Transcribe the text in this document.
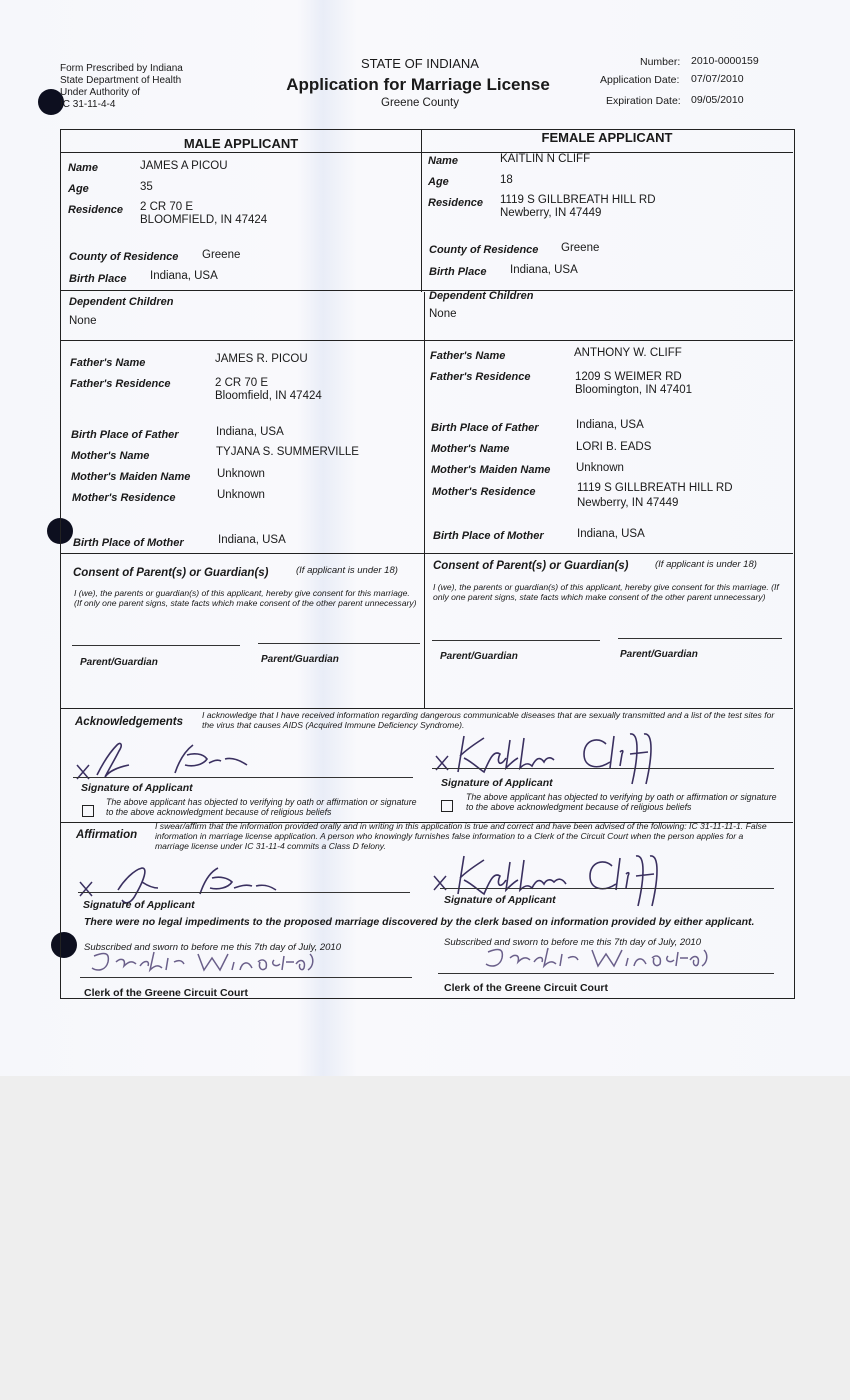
Form Prescribed by Indiana
State Department of Health
Under Authority of
IC 31-11-4-4
STATE OF INDIANA
Application for Marriage License
Greene County
Number: 2010-0000159
Application Date: 07/07/2010
Expiration Date: 09/05/2010
MALE APPLICANT	FEMALE APPLICANT
Name	JAMES A PICOU
Age	35
Residence 2 CR 70 E
BLOOMFIELD, IN 47424
County of Residence Greene
Birth Place Indiana, USA
Dependent Children
None
Father's Name	JAMES R. PICOU
Father's Residence	2 CR 70 E
Bloomfield, IN 47424
Birth Place of Father	Indiana, USA
Mother's Name	TYJANA S. SUMMERVILLE
Mother's Maiden Name Unknown
Mother's Residence	Unknown
Birth Place of Mother	Indiana, USA
Name	KAITLIN N CLIFF
Age	18
Residence 1119 S GILLBREATH HILL RD
Newberry, IN 47449
County of Residence Greene
Birth Place Indiana, USA
Dependent Children
None
Father's Name	ANTHONY W. CLIFF
Father's Residence	1209 S WEIMER RD
Bloomington, IN 47401
Birth Place of Father	Indiana, USA
Mother's Name	LORI B. EADS
Mother's Maiden Name Unknown
Mother's Residence	1119 S GILLBREATH HILL RD
Newberry, IN 47449
Birth Place of Mother	Indiana, USA
Consent of Parent(s) or Guardian(s)	(If applicant is under 18)
I (we), the parents or guardian(s) of this applicant, hereby give consent for this marriage. (If only one parent signs, state facts which make consent of the other parent unnecessary)
Parent/Guardian	Parent/Guardian
Consent of Parent(s) or Guardian(s)	(If applicant is under 18)
I (we), the parents or guardian(s) of this applicant, hereby give consent for this marriage. (If only one parent signs, state facts which make consent of the other parent unnecessary)
Parent/Guardian	Parent/Guardian
Acknowledgements
I acknowledge that I have received information regarding dangerous communicable diseases that are sexually transmitted and a list of the test sites for the virus that causes AIDS (Acquired Immune Deficiency Syndrome).
Signature of Applicant
The above applicant has objected to verifying by oath or affirmation or signature to the above acknowledgment because of religious beliefs
Signature of Applicant
The above applicant has objected to verifying by oath or affirmation or signature to the above acknowledgment because of religious beliefs
Affirmation
I swear/affirm that the information provided orally and in writing in this application is true and correct and have been advised of the following: IC 31-11-11-1. False information in marriage license application. A person who knowingly furnishes false information to a Clerk of the Circuit Court when the person applies for a marriage license under IC 31-11-4 commits a Class D felony.
Signature of Applicant	Signature of Applicant
There were no legal impediments to the proposed marriage discovered by the clerk based on information provided by either applicant.
Subscribed and sworn to before me this 7th day of July, 2010
Clerk of the Greene Circuit Court
Subscribed and sworn to before me this 7th day of July, 2010
Clerk of the Greene Circuit Court
